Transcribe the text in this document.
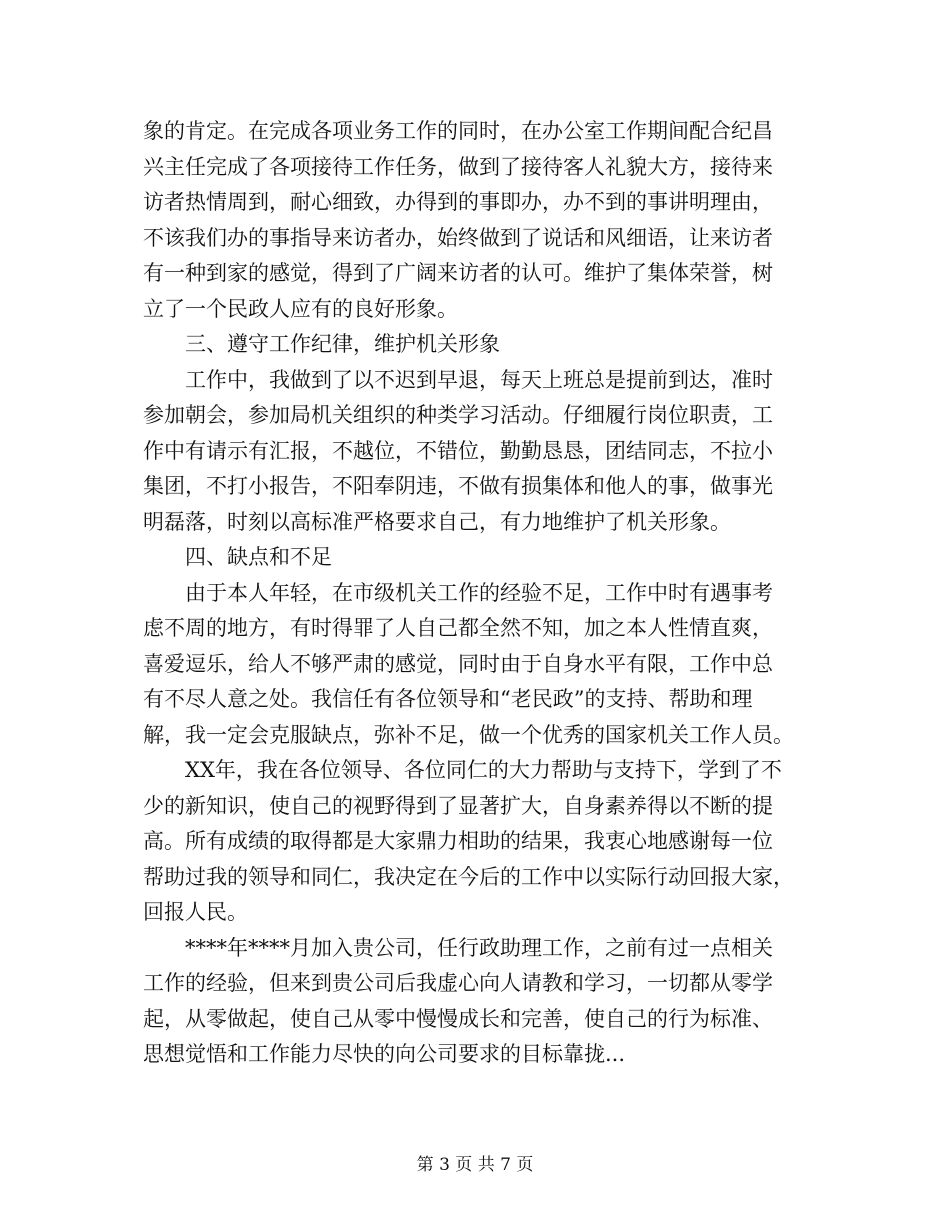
象的肯定。在完成各项业务工作的同时，在办公室工作期间配合纪昌
兴主任完成了各项接待工作任务，做到了接待客人礼貌大方，接待来
访者热情周到，耐心细致，办得到的事即办，办不到的事讲明理由，
不该我们办的事指导来访者办，始终做到了说话和风细语，让来访者
有一种到家的感觉，得到了广阔来访者的认可。维护了集体荣誉，树
立了一个民政人应有的良好形象。
　　三、遵守工作纪律，维护机关形象
　　工作中，我做到了以不迟到早退，每天上班总是提前到达，准时
参加朝会，参加局机关组织的种类学习活动。仔细履行岗位职责，工
作中有请示有汇报，不越位，不错位，勤勤恳恳，团结同志，不拉小
集团，不打小报告，不阳奉阴违，不做有损集体和他人的事，做事光
明磊落，时刻以高标准严格要求自己，有力地维护了机关形象。
　　四、缺点和不足
　　由于本人年轻，在市级机关工作的经验不足，工作中时有遇事考
虑不周的地方，有时得罪了人自己都全然不知，加之本人性情直爽，
喜爱逗乐，给人不够严肃的感觉，同时由于自身水平有限，工作中总
有不尽人意之处。我信任有各位领导和“老民政”的支持、帮助和理
解，我一定会克服缺点，弥补不足，做一个优秀的国家机关工作人员。
　　XX年，我在各位领导、各位同仁的大力帮助与支持下，学到了不
少的新知识，使自己的视野得到了显著扩大，自身素养得以不断的提
高。所有成绩的取得都是大家鼎力相助的结果，我衷心地感谢每一位
帮助过我的领导和同仁，我决定在今后的工作中以实际行动回报大家，
回报人民。
　　****年****月加入贵公司，任行政助理工作，之前有过一点相关
工作的经验，但来到贵公司后我虚心向人请教和学习，一切都从零学
起，从零做起，使自己从零中慢慢成长和完善，使自己的行为标准、
思想觉悟和工作能力尽快的向公司要求的目标靠拢...
第 3 页 共 7 页
